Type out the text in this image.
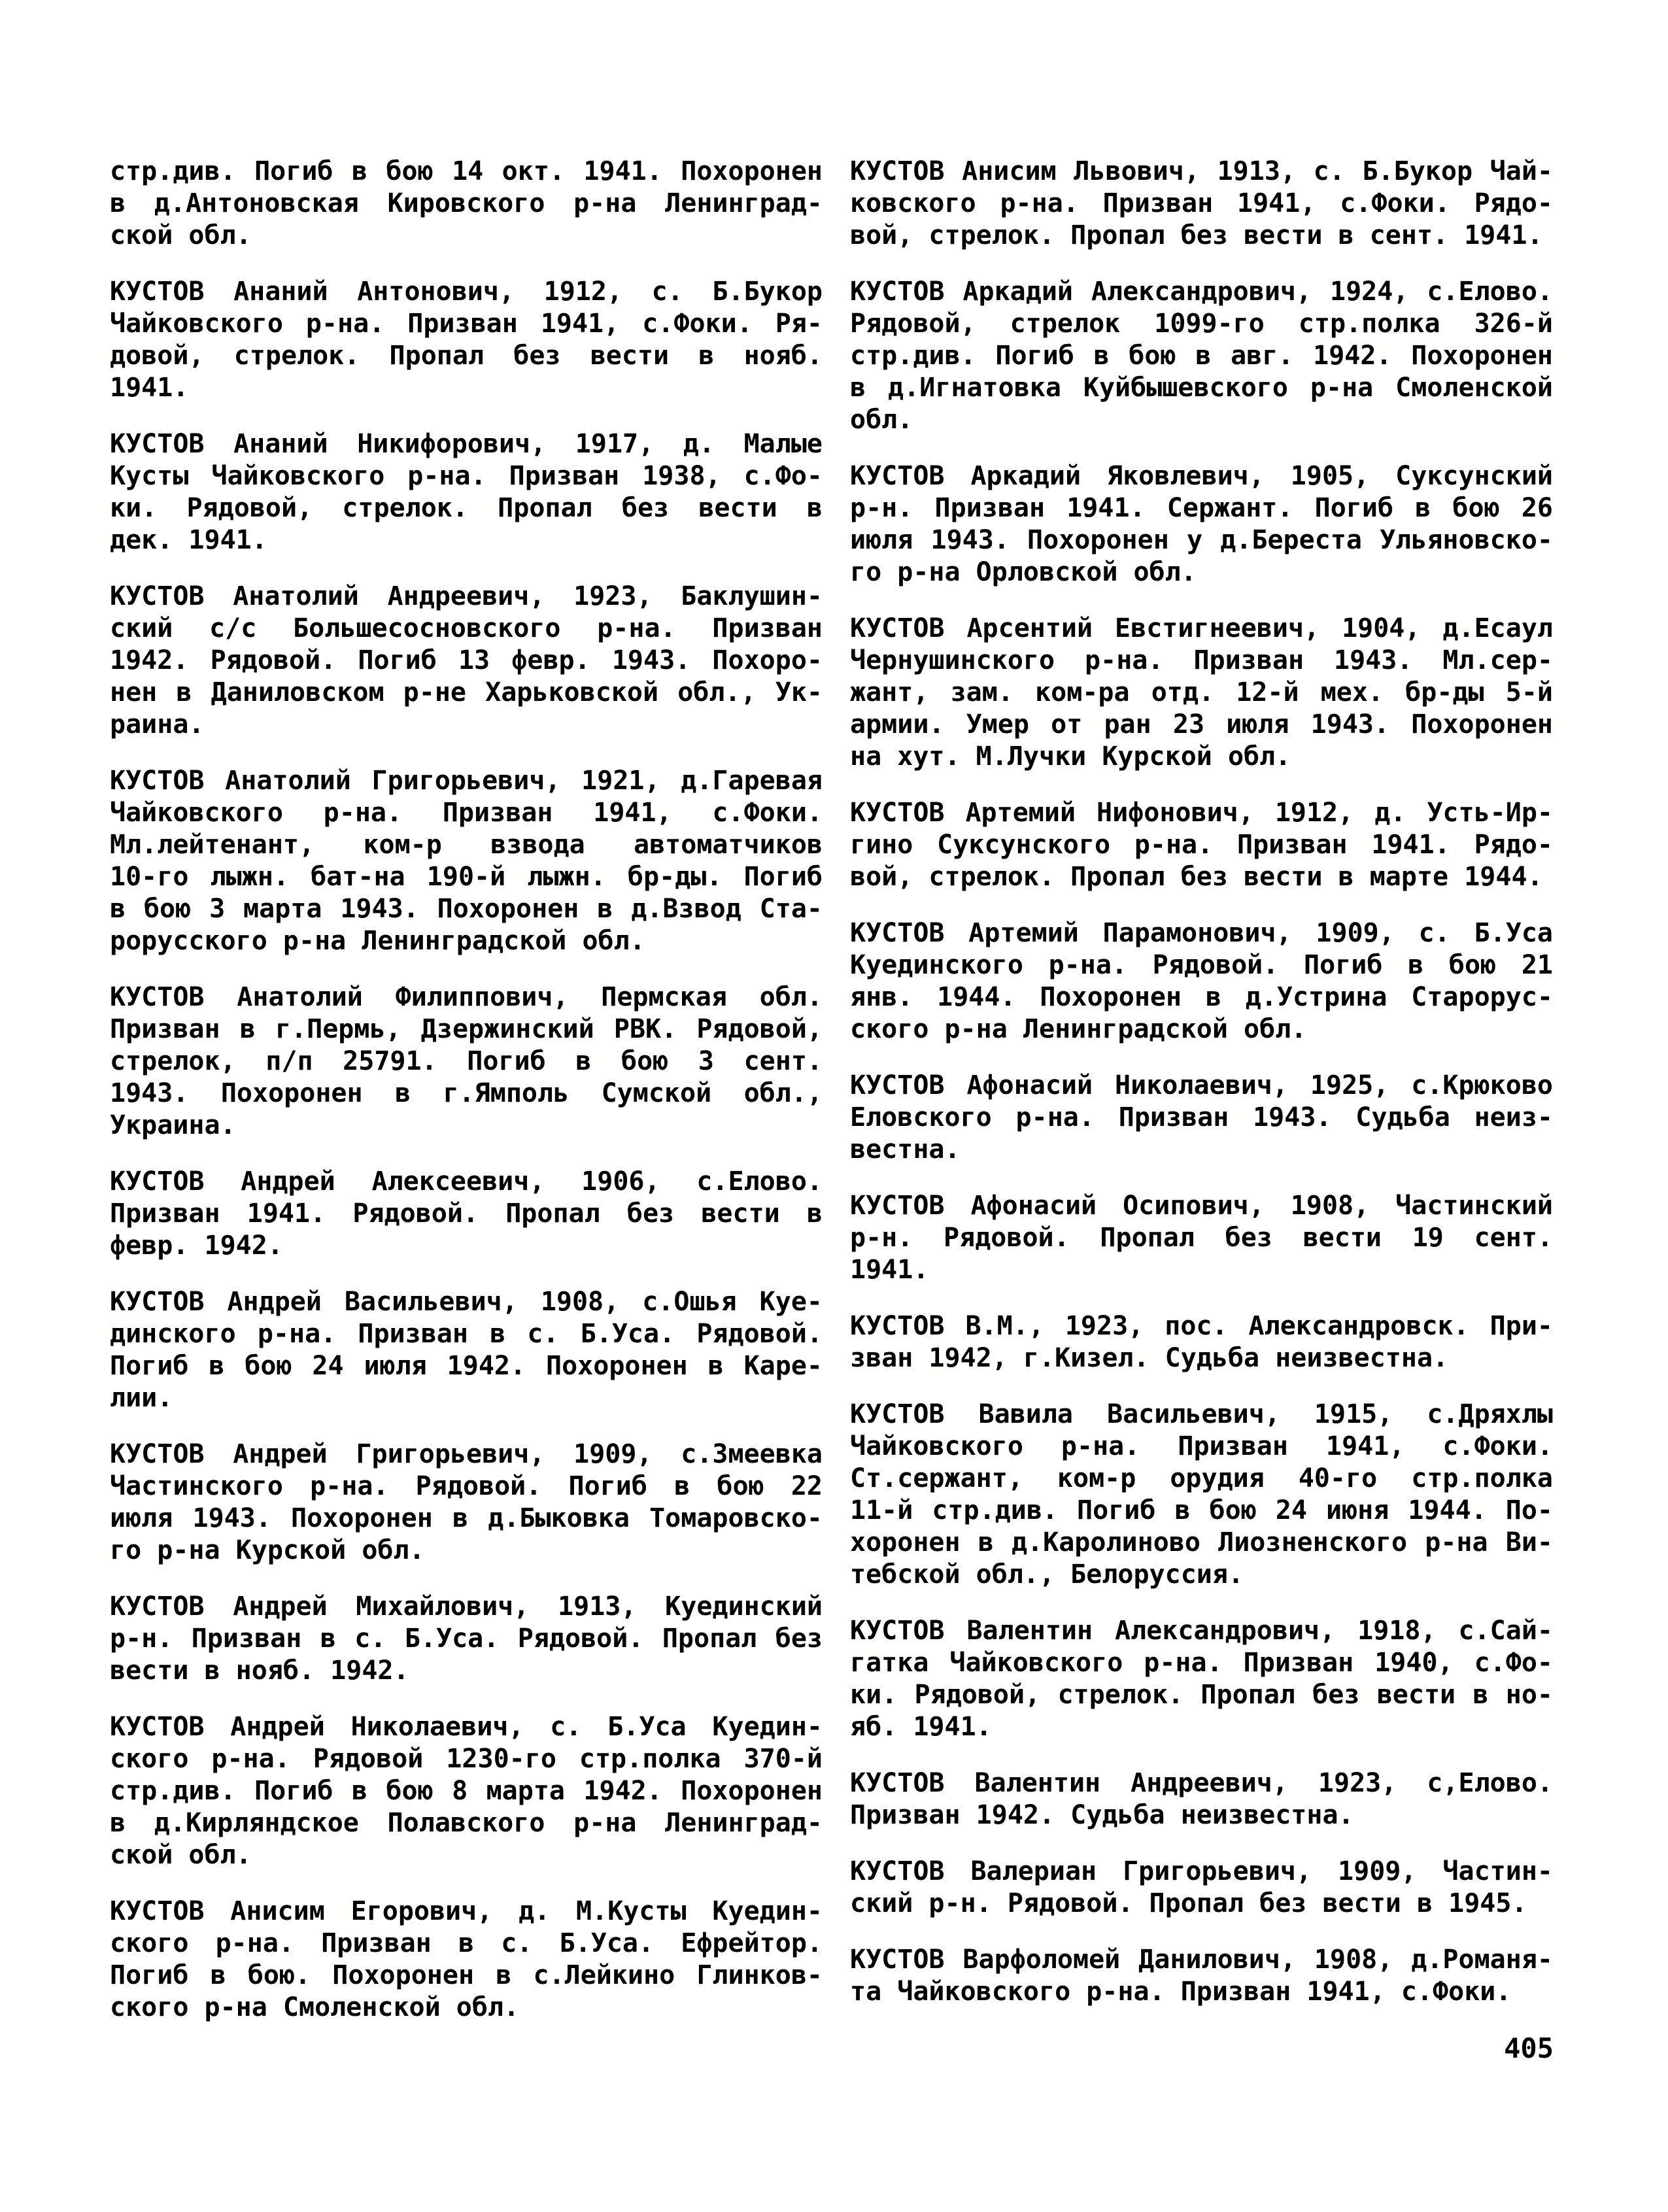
стр.див. Погиб в бою 14 окт. 1941. Похоронен
в д.Антоновская Кировского р-на Ленинград-
ской обл.
КУСТОВ Ананий Антонович, 1912, с. Б.Букор
Чайковского р-на. Призван 1941, с.Фоки. Ря-
довой, стрелок. Пропал без вести в нояб.
1941.
КУСТОВ Ананий Никифорович, 1917, д. Малые
Кусты Чайковского р-на. Призван 1938, с.Фо-
ки. Рядовой, стрелок. Пропал без вести в
дек. 1941.
КУСТОВ Анатолий Андреевич, 1923, Баклушин-
ский с/с Большесосновского р-на. Призван
1942. Рядовой. Погиб 13 февр. 1943. Похоро-
нен в Даниловском р-не Харьковской обл., Ук-
раина.
КУСТОВ Анатолий Григорьевич, 1921, д.Гаревая
Чайковского р-на. Призван 1941, с.Фоки.
Мл.лейтенант, ком-р взвода автоматчиков
10-го лыжн. бат-на 190-й лыжн. бр-ды. Погиб
в бою 3 марта 1943. Похоронен в д.Взвод Ста-
рорусского р-на Ленинградской обл.
КУСТОВ Анатолий Филиппович, Пермская обл.
Призван в г.Пермь, Дзержинский РВК. Рядовой,
стрелок, п/п 25791. Погиб в бою 3 сент.
1943. Похоронен в г.Ямполь Сумской обл.,
Украина.
КУСТОВ Андрей Алексеевич, 1906, с.Елово.
Призван 1941. Рядовой. Пропал без вести в
февр. 1942.
КУСТОВ Андрей Васильевич, 1908, с.Ошья Куе-
динского р-на. Призван в с. Б.Уса. Рядовой.
Погиб в бою 24 июля 1942. Похоронен в Каре-
лии.
КУСТОВ Андрей Григорьевич, 1909, с.Змеевка
Частинского р-на. Рядовой. Погиб в бою 22
июля 1943. Похоронен в д.Быковка Томаровско-
го р-на Курской обл.
КУСТОВ Андрей Михайлович, 1913, Куединский
р-н. Призван в с. Б.Уса. Рядовой. Пропал без
вести в нояб. 1942.
КУСТОВ Андрей Николаевич, с. Б.Уса Куедин-
ского р-на. Рядовой 1230-го стр.полка 370-й
стр.див. Погиб в бою 8 марта 1942. Похоронен
в д.Кирляндское Полавского р-на Ленинград-
ской обл.
КУСТОВ Анисим Егорович, д. М.Кусты Куедин-
ского р-на. Призван в с. Б.Уса. Ефрейтор.
Погиб в бою. Похоронен в с.Лейкино Глинков-
ского р-на Смоленской обл.
КУСТОВ Анисим Львович, 1913, с. Б.Букор Чай-
ковского р-на. Призван 1941, с.Фоки. Рядо-
вой, стрелок. Пропал без вести в сент. 1941.
КУСТОВ Аркадий Александрович, 1924, с.Елово.
Рядовой, стрелок 1099-го стр.полка 326-й
стр.див. Погиб в бою в авг. 1942. Похоронен
в д.Игнатовка Куйбышевского р-на Смоленской
обл.
КУСТОВ Аркадий Яковлевич, 1905, Суксунский
р-н. Призван 1941. Сержант. Погиб в бою 26
июля 1943. Похоронен у д.Береста Ульяновско-
го р-на Орловской обл.
КУСТОВ Арсентий Евстигнеевич, 1904, д.Есаул
Чернушинского р-на. Призван 1943. Мл.сер-
жант, зам. ком-ра отд. 12-й мех. бр-ды 5-й
армии. Умер от ран 23 июля 1943. Похоронен
на хут. М.Лучки Курской обл.
КУСТОВ Артемий Нифонович, 1912, д. Усть-Ир-
гино Суксунского р-на. Призван 1941. Рядо-
вой, стрелок. Пропал без вести в марте 1944.
КУСТОВ Артемий Парамонович, 1909, с. Б.Уса
Куединского р-на. Рядовой. Погиб в бою 21
янв. 1944. Похоронен в д.Устрина Старорус-
ского р-на Ленинградской обл.
КУСТОВ Афонасий Николаевич, 1925, с.Крюково
Еловского р-на. Призван 1943. Судьба неиз-
вестна.
КУСТОВ Афонасий Осипович, 1908, Частинский
р-н. Рядовой. Пропал без вести 19 сент.
1941.
КУСТОВ В.М., 1923, пос. Александровск. При-
зван 1942, г.Кизел. Судьба неизвестна.
КУСТОВ Вавила Васильевич, 1915, с.Дряхлы
Чайковского р-на. Призван 1941, с.Фоки.
Ст.сержант, ком-р орудия 40-го стр.полка
11-й стр.див. Погиб в бою 24 июня 1944. По-
хоронен в д.Каролиново Лиозненского р-на Ви-
тебской обл., Белоруссия.
КУСТОВ Валентин Александрович, 1918, с.Сай-
гатка Чайковского р-на. Призван 1940, с.Фо-
ки. Рядовой, стрелок. Пропал без вести в но-
яб. 1941.
КУСТОВ Валентин Андреевич, 1923, с,Елово.
Призван 1942. Судьба неизвестна.
КУСТОВ Валериан Григорьевич, 1909, Частин-
ский р-н. Рядовой. Пропал без вести в 1945.
КУСТОВ Варфоломей Данилович, 1908, д.Романя-
та Чайковского р-на. Призван 1941, с.Фоки.
405
